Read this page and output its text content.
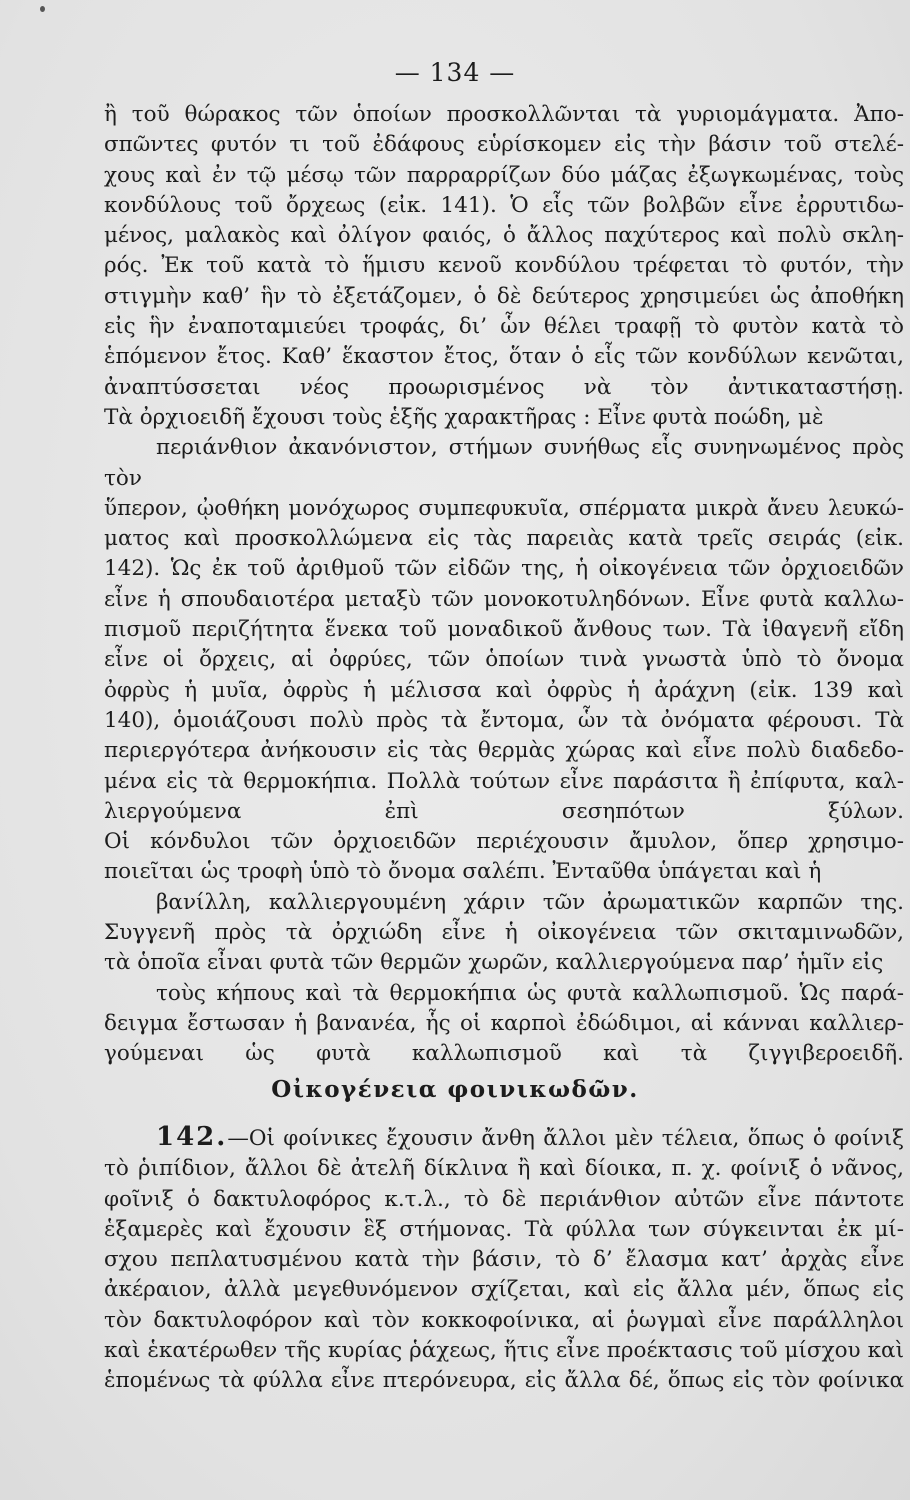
— 134 —

ἢ τοῦ θώρακος τῶν ὁποίων προσκολλῶνται τὰ γυριομάγματα. Ἀπο-

σπῶντες φυτόν τι τοῦ ἐδάφους εὑρίσκομεν εἰς τὴν βάσιν τοῦ στελέ-

χους καὶ ἐν τῷ μέσῳ τῶν παρραρρίζων δύο μάζας ἐξωγκωμένας, τοὺς

κονδύλους τοῦ ὄρχεως (εἰκ. 141). Ὁ εἷς τῶν βολβῶν εἶνε ἐρρυτιδω-

μένος, μαλακὸς καὶ ὀλίγον φαιός, ὁ ἄλλος παχύτερος καὶ πολὺ σκλη-

ρός. Ἐκ τοῦ κατὰ τὸ ἥμισυ κενοῦ κονδύλου τρέφεται τὸ φυτόν, τὴν

στιγμὴν καθ’ ἣν τὸ ἐξετάζομεν, ὁ δὲ δεύτερος χρησιμεύει ὡς ἀποθήκη

εἰς ἣν ἐναποταμιεύει τροφάς, δι’ ὧν θέλει τραφῇ τὸ φυτὸν κατὰ τὸ

ἑπόμενον ἔτος. Καθ’ ἕκαστον ἔτος, ὅταν ὁ εἷς τῶν κονδύλων κενῶται,

ἀναπτύσσεται νέος προωρισμένος νὰ τὸν ἀντικαταστήσῃ.

Τὰ ὀρχιοειδῆ ἔχουσι τοὺς ἑξῆς χαρακτῆρας : Εἶνε φυτὰ ποώδη, μὲ

περιάνθιον ἀκανόνιστον, στήμων συνήθως εἷς συνηνωμένος πρὸς τὸν

ὕπερον, ᾠοθήκη μονόχωρος συμπεφυκυῖα, σπέρματα μικρὰ ἄνευ λευκώ-

ματος καὶ προσκολλώμενα εἰς τὰς παρειὰς κατὰ τρεῖς σειράς (εἰκ.

142). Ὡς ἐκ τοῦ ἀριθμοῦ τῶν εἰδῶν της, ἡ οἰκογένεια τῶν ὀρχιοειδῶν

εἶνε ἡ σπουδαιοτέρα μεταξὺ τῶν μονοκοτυληδόνων. Εἶνε φυτὰ καλλω-

πισμοῦ περιζήτητα ἕνεκα τοῦ μοναδικοῦ ἄνθους των. Τὰ ἰθαγενῆ εἴδη

εἶνε οἱ ὄρχεις, αἱ ὀφρύες, τῶν ὁποίων τινὰ γνωστὰ ὑπὸ τὸ ὄνομα

ὀφρὺς ἡ μυῖα, ὀφρὺς ἡ μέλισσα καὶ ὀφρὺς ἡ ἀράχνη (εἰκ. 139 καὶ

140), ὁμοιάζουσι πολὺ πρὸς τὰ ἔντομα, ὧν τὰ ὀνόματα φέρουσι. Τὰ

περιεργότερα ἀνήκουσιν εἰς τὰς θερμὰς χώρας καὶ εἶνε πολὺ διαδεδο-

μένα εἰς τὰ θερμοκήπια. Πολλὰ τούτων εἶνε παράσιτα ἢ ἐπίφυτα, καλ-

λιεργούμενα ἐπὶ σεσηπότων ξύλων.

Οἱ κόνδυλοι τῶν ὀρχιοειδῶν περιέχουσιν ἄμυλον, ὅπερ χρησιμο-

ποιεῖται ὡς τροφὴ ὑπὸ τὸ ὄνομα σαλέπι. Ἐνταῦθα ὑπάγεται καὶ ἡ

βανίλλη, καλλιεργουμένη χάριν τῶν ἀρωματικῶν καρπῶν της.

Συγγενῆ πρὸς τὰ ὀρχιώδη εἶνε ἡ οἰκογένεια τῶν σκιταμινωδῶν,

τὰ ὁποῖα εἶναι φυτὰ τῶν θερμῶν χωρῶν, καλλιεργούμενα παρ’ ἡμῖν εἰς

τοὺς κήπους καὶ τὰ θερμοκήπια ὡς φυτὰ καλλωπισμοῦ. Ὡς παρά-

δειγμα ἔστωσαν ἡ βανανέα, ἧς οἱ καρποὶ ἐδώδιμοι, αἱ κάνναι καλλιερ-

γούμεναι ὡς φυτὰ καλλωπισμοῦ καὶ τὰ ζιγγιβεροειδῆ.

Οἰκογένεια φοινικωδῶν.

142.—Οἱ φοίνικες ἔχουσιν ἄνθη ἄλλοι μὲν τέλεια, ὅπως ὁ φοίνιξ

τὸ ῥιπίδιον, ἄλλοι δὲ ἀτελῆ δίκλινα ἢ καὶ δίοικα, π. χ. φοίνιξ ὁ νᾶνος,

φοῖνιξ ὁ δακτυλοφόρος κ.τ.λ., τὸ δὲ περιάνθιον αὐτῶν εἶνε πάντοτε

ἑξαμερὲς καὶ ἔχουσιν ἓξ στήμονας. Τὰ φύλλα των σύγκεινται ἐκ μί-

σχου πεπλατυσμένου κατὰ τὴν βάσιν, τὸ δ’ ἔλασμα κατ’ ἀρχὰς εἶνε

ἀκέραιον, ἀλλὰ μεγεθυνόμενον σχίζεται, καὶ εἰς ἄλλα μέν, ὅπως εἰς

τὸν δακτυλοφόρον καὶ τὸν κοκκοφοίνικα, αἱ ῥωγμαὶ εἶνε παράλληλοι

καὶ ἑκατέρωθεν τῆς κυρίας ῥάχεως, ἥτις εἶνε προέκτασις τοῦ μίσχου καὶ

ἑπομένως τὰ φύλλα εἶνε πτερόνευρα, εἰς ἄλλα δέ, ὅπως εἰς τὸν φοίνικα
